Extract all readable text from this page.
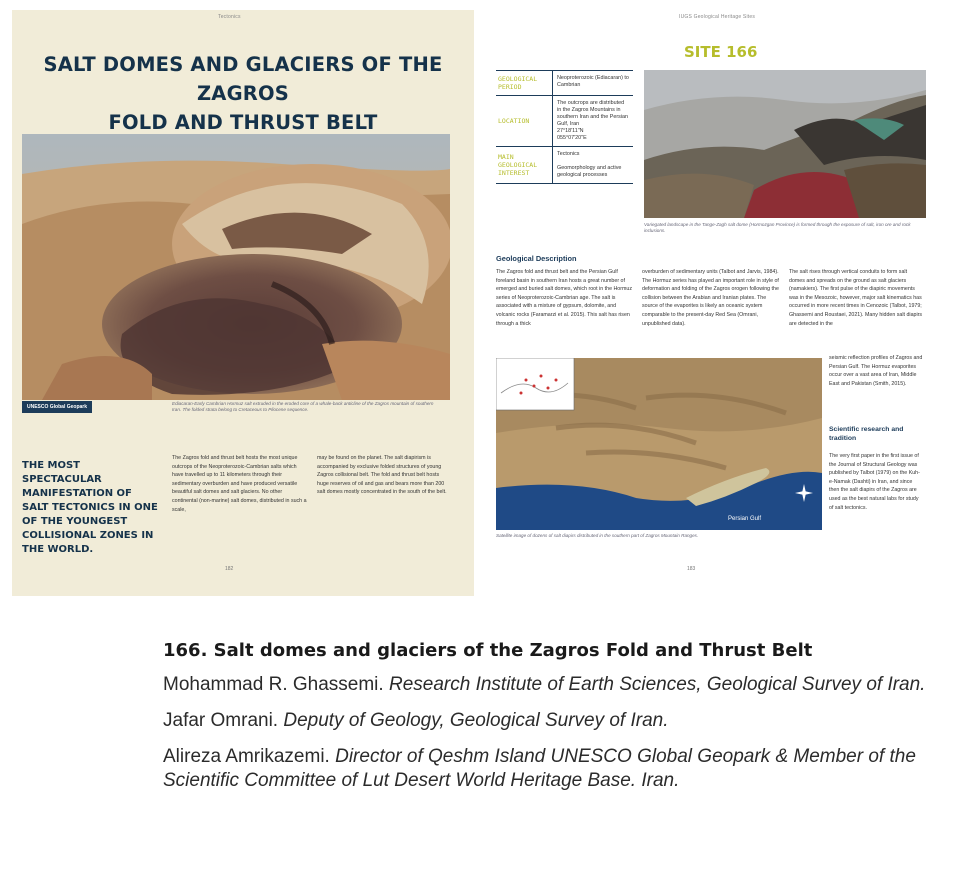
Tectonics
SALT DOMES AND GLACIERS OF THE ZAGROS
FOLD AND THRUST BELT
UNESCO Global Geopark
Ediacaran-Early Cambrian Hormuz salt extruded in the eroded core of a whale-back anticline of the Zagros mountain of southern Iran. The folded strata belong to Cretaceous to Pliocene sequence.
THE MOST SPECTACULAR MANIFESTATION OF SALT TECTONICS IN ONE OF THE YOUNGEST COLLISIONAL ZONES IN THE WORLD.
The Zagros fold and thrust belt hosts the most unique outcrops of the Neoproterozoic-Cambrian salts which have travelled up to 11 kilometers through their sedimentary overburden and have produced versatile beautiful salt domes and salt glaciers. No other continental (non-marine) salt domes, distributed in such a scale,
may be found on the planet. The salt diapirism is accompanied by exclusive folded structures of young Zagros collisional belt. The fold and thrust belt hosts huge reserves of oil and gas and bears more than 200 salt domes mostly concentrated in the south of the belt.
182
IUGS Geological Heritage Sites
SITE 166
GEOLOGICAL PERIOD
Neoproterozoic (Ediacaran) to Cambrian
LOCATION
The outcrops are distributed in the Zagros Mountains in southern Iran and the Persian Gulf, Iran
27°18'11"N
055°07'20"E
MAIN GEOLOGICAL INTEREST
Tectonics

Geomorphology and active geological processes
Variegated landscape in the Tange-Zagh salt dome (Hormozgan Province) is formed through the exposure of salt, iron ore and rock inclusions.
Geological Description
The Zagros fold and thrust belt and the Persian Gulf foreland basin in southern Iran hosts a great number of emerged and buried salt domes, which root in the Hormuz series of Neoproterozoic-Cambrian age. The salt is associated with a mixture of gypsum, dolomite, and volcanic rocks (Faramarzi et al. 2015). This salt has risen through a thick
overburden of sedimentary units (Talbot and Jarvis, 1984). The Hormuz series has played an important role in style of deformation and folding of the Zagros orogen following the collision between the Arabian and Iranian plates. The source of the evaporites is likely an oceanic system comparable to the present-day Red Sea (Omrani, unpublished data).
The salt rises through vertical conduits to form salt domes and spreads on the ground as salt glaciers (namakiers). The first pulse of the diapiric movements was in the Mesozoic, however, major salt kinematics has occurred in more recent times in Cenozoic (Talbot, 1979; Ghassemi and Roustaei, 2021). Many hidden salt diapirs are detected in the
seismic reflection profiles of Zagros and Persian Gulf. The Hormuz evaporites occur over a vast area of Iran, Middle East and Pakistan (Smith, 2015).
Scientific research and tradition
The very first paper in the first issue of the Journal of Structural Geology was published by Talbot (1979) on the Kuh-e-Namak (Dashti) in Iran, and since then the salt diapirs of the Zagros are used as the best natural labs for study of salt tectonics.
Persian Gulf
Satellite image of dozens of salt diapirs distributed in the southern part of Zagros Mountain Ranges.
183
166. Salt domes and glaciers of the Zagros Fold and Thrust Belt
Mohammad R. Ghassemi. Research Institute of Earth Sciences, Geological Survey of Iran.
Jafar Omrani. Deputy of Geology, Geological Survey of Iran.
Alireza Amrikazemi. Director of Qeshm Island UNESCO Global Geopark & Member of the Scientific Committee of Lut Desert World Heritage Base. Iran.
